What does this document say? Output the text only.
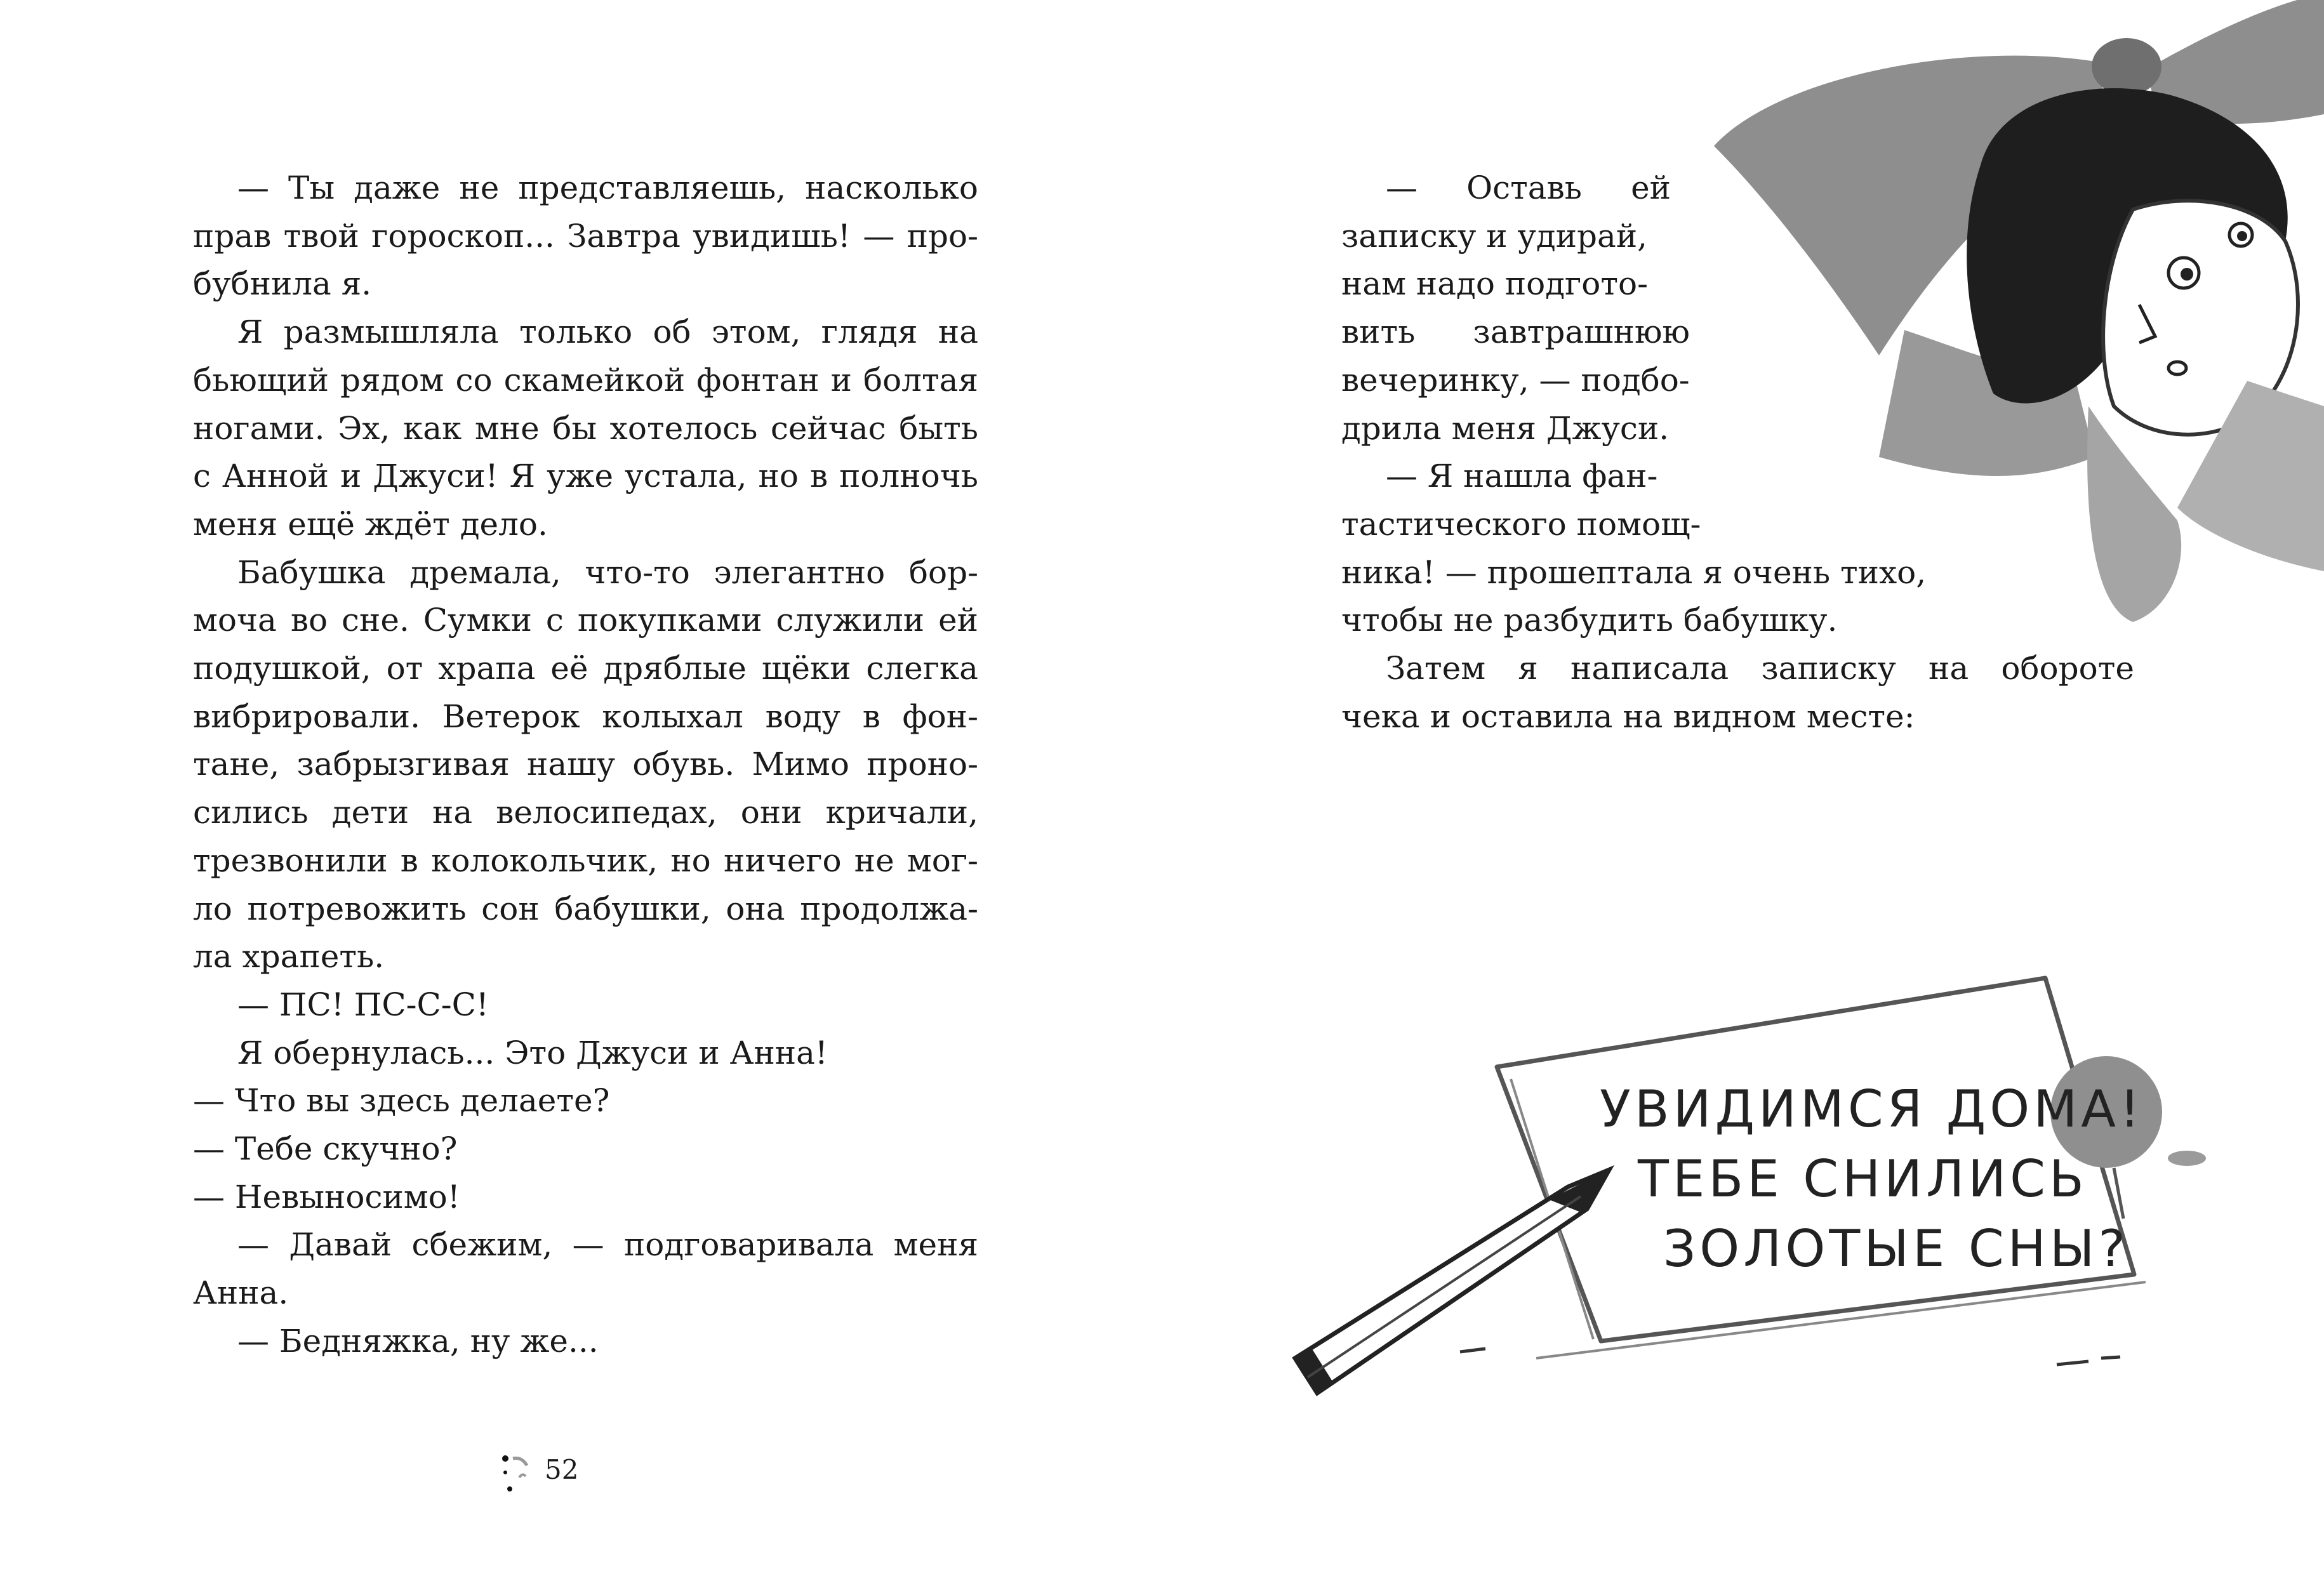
— Ты даже не представляешь, насколько
прав твой гороскоп... Завтра увидишь! — про-
бубнила я.
Я размышляла только об этом, глядя на
бьющий рядом со скамейкой фонтан и болтая
ногами. Эх, как мне бы хотелось сейчас быть
с Анной и Джуси! Я уже устала, но в полночь
меня ещё ждёт дело.
Бабушка дремала, что-то элегантно бор-
моча во сне. Сумки с покупками служили ей
подушкой, от храпа её дряблые щёки слегка
вибрировали. Ветерок колыхал воду в фон-
тане, забрызгивая нашу обувь. Мимо проно-
сились дети на велосипедах, они кричали,
трезвонили в колокольчик, но ничего не мог-
ло потревожить сон бабушки, она продолжа-
ла храпеть.
— ПС! ПС-С-С!
Я обернулась... Это Джуси и Анна!
— Что вы здесь делаете?
— Тебе скучно?
— Невыносимо!
— Давай сбежим, — подговаривала меня
Анна.
— Бедняжка, ну же...
— Оставь ей
записку и удирай,
нам надо подгото-
вить завтрашнюю
вечеринку, — подбо-
дрила меня Джуси.
— Я нашла фан-
тастического помощ-
ника! — прошептала я очень тихо,
чтобы не разбудить бабушку.
Затем я написала записку на обороте
чека и оставила на видном месте:
УВИДИМСЯ ДОМА!
ТЕБЕ СНИЛИСЬ
ЗОЛОТЫЕ СНЫ?
52
